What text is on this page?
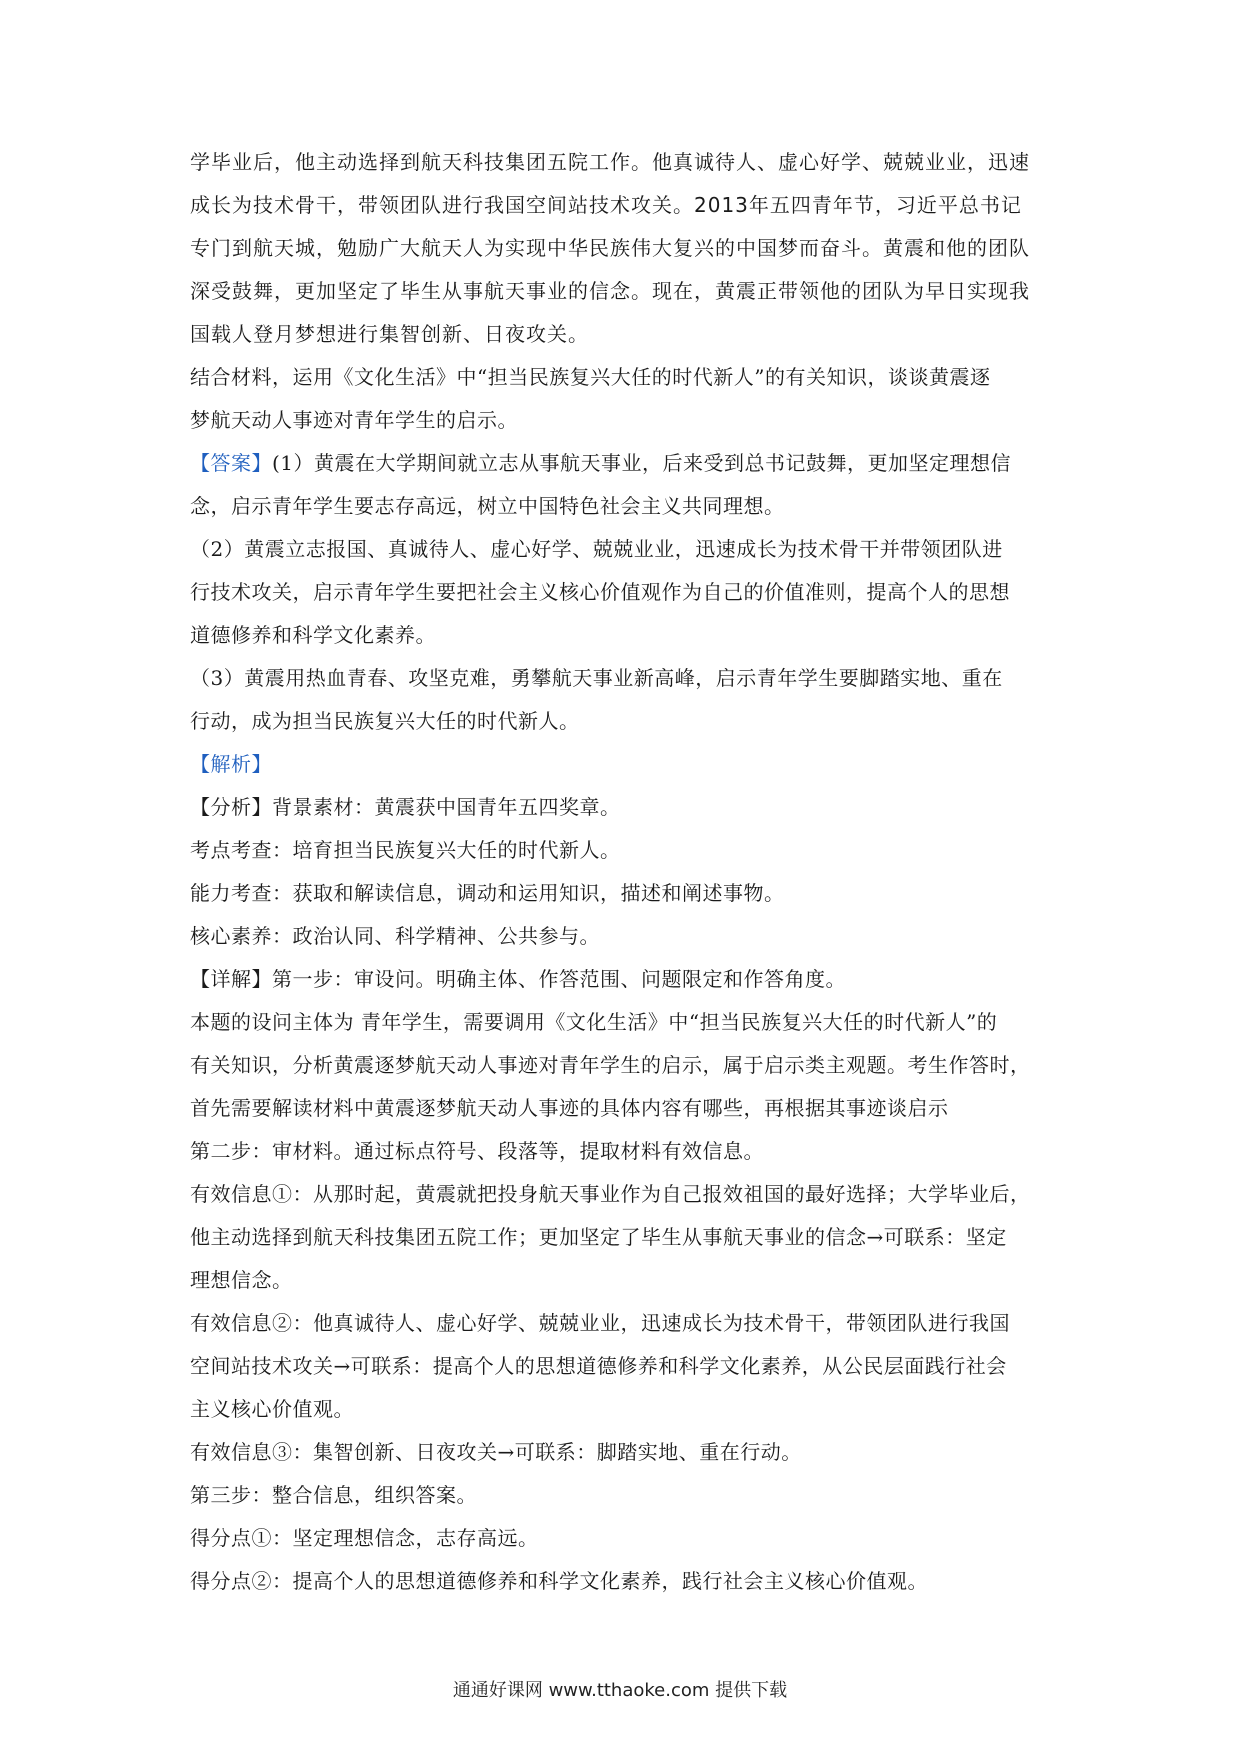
学毕业后，他主动选择到航天科技集团五院工作。他真诚待人、虚心好学、兢兢业业，迅速
成长为技术骨干，带领团队进行我国空间站技术攻关。2013年五四青年节，习近平总书记
专门到航天城，勉励广大航天人为实现中华民族伟大复兴的中国梦而奋斗。黄震和他的团队
深受鼓舞，更加坚定了毕生从事航天事业的信念。现在，黄震正带领他的团队为早日实现我
国载人登月梦想进行集智创新、日夜攻关。
结合材料，运用《文化生活》中“担当民族复兴大任的时代新人”的有关知识，谈谈黄震逐
梦航天动人事迹对青年学生的启示。
【答案】(1）黄震在大学期间就立志从事航天事业，后来受到总书记鼓舞，更加坚定理想信
念，启示青年学生要志存高远，树立中国特色社会主义共同理想。
（2）黄震立志报国、真诚待人、虚心好学、兢兢业业，迅速成长为技术骨干并带领团队进
行技术攻关，启示青年学生要把社会主义核心价值观作为自己的价值准则，提高个人的思想
道德修养和科学文化素养。
（3）黄震用热血青春、攻坚克难，勇攀航天事业新高峰，启示青年学生要脚踏实地、重在
行动，成为担当民族复兴大任的时代新人。
【解析】
【分析】背景素材：黄震获中国青年五四奖章。
考点考查：培育担当民族复兴大任的时代新人。
能力考查：获取和解读信息，调动和运用知识，描述和阐述事物。
核心素养：政治认同、科学精神、公共参与。
【详解】第一步：审设问。明确主体、作答范围、问题限定和作答角度。
本题的设问主体为 青年学生，需要调用《文化生活》中“担当民族复兴大任的时代新人”的
有关知识，分析黄震逐梦航天动人事迹对青年学生的启示，属于启示类主观题。考生作答时，
首先需要解读材料中黄震逐梦航天动人事迹的具体内容有哪些，再根据其事迹谈启示
第二步：审材料。通过标点符号、段落等，提取材料有效信息。
有效信息①：从那时起，黄震就把投身航天事业作为自己报效祖国的最好选择；大学毕业后，
他主动选择到航天科技集团五院工作；更加坚定了毕生从事航天事业的信念→可联系：坚定
理想信念。
有效信息②：他真诚待人、虚心好学、兢兢业业，迅速成长为技术骨干，带领团队进行我国
空间站技术攻关→可联系：提高个人的思想道德修养和科学文化素养，从公民层面践行社会
主义核心价值观。
有效信息③：集智创新、日夜攻关→可联系：脚踏实地、重在行动。
第三步：整合信息，组织答案。
得分点①：坚定理想信念，志存高远。
得分点②：提高个人的思想道德修养和科学文化素养，践行社会主义核心价值观。
通通好课网 www.tthaoke.com 提供下载
